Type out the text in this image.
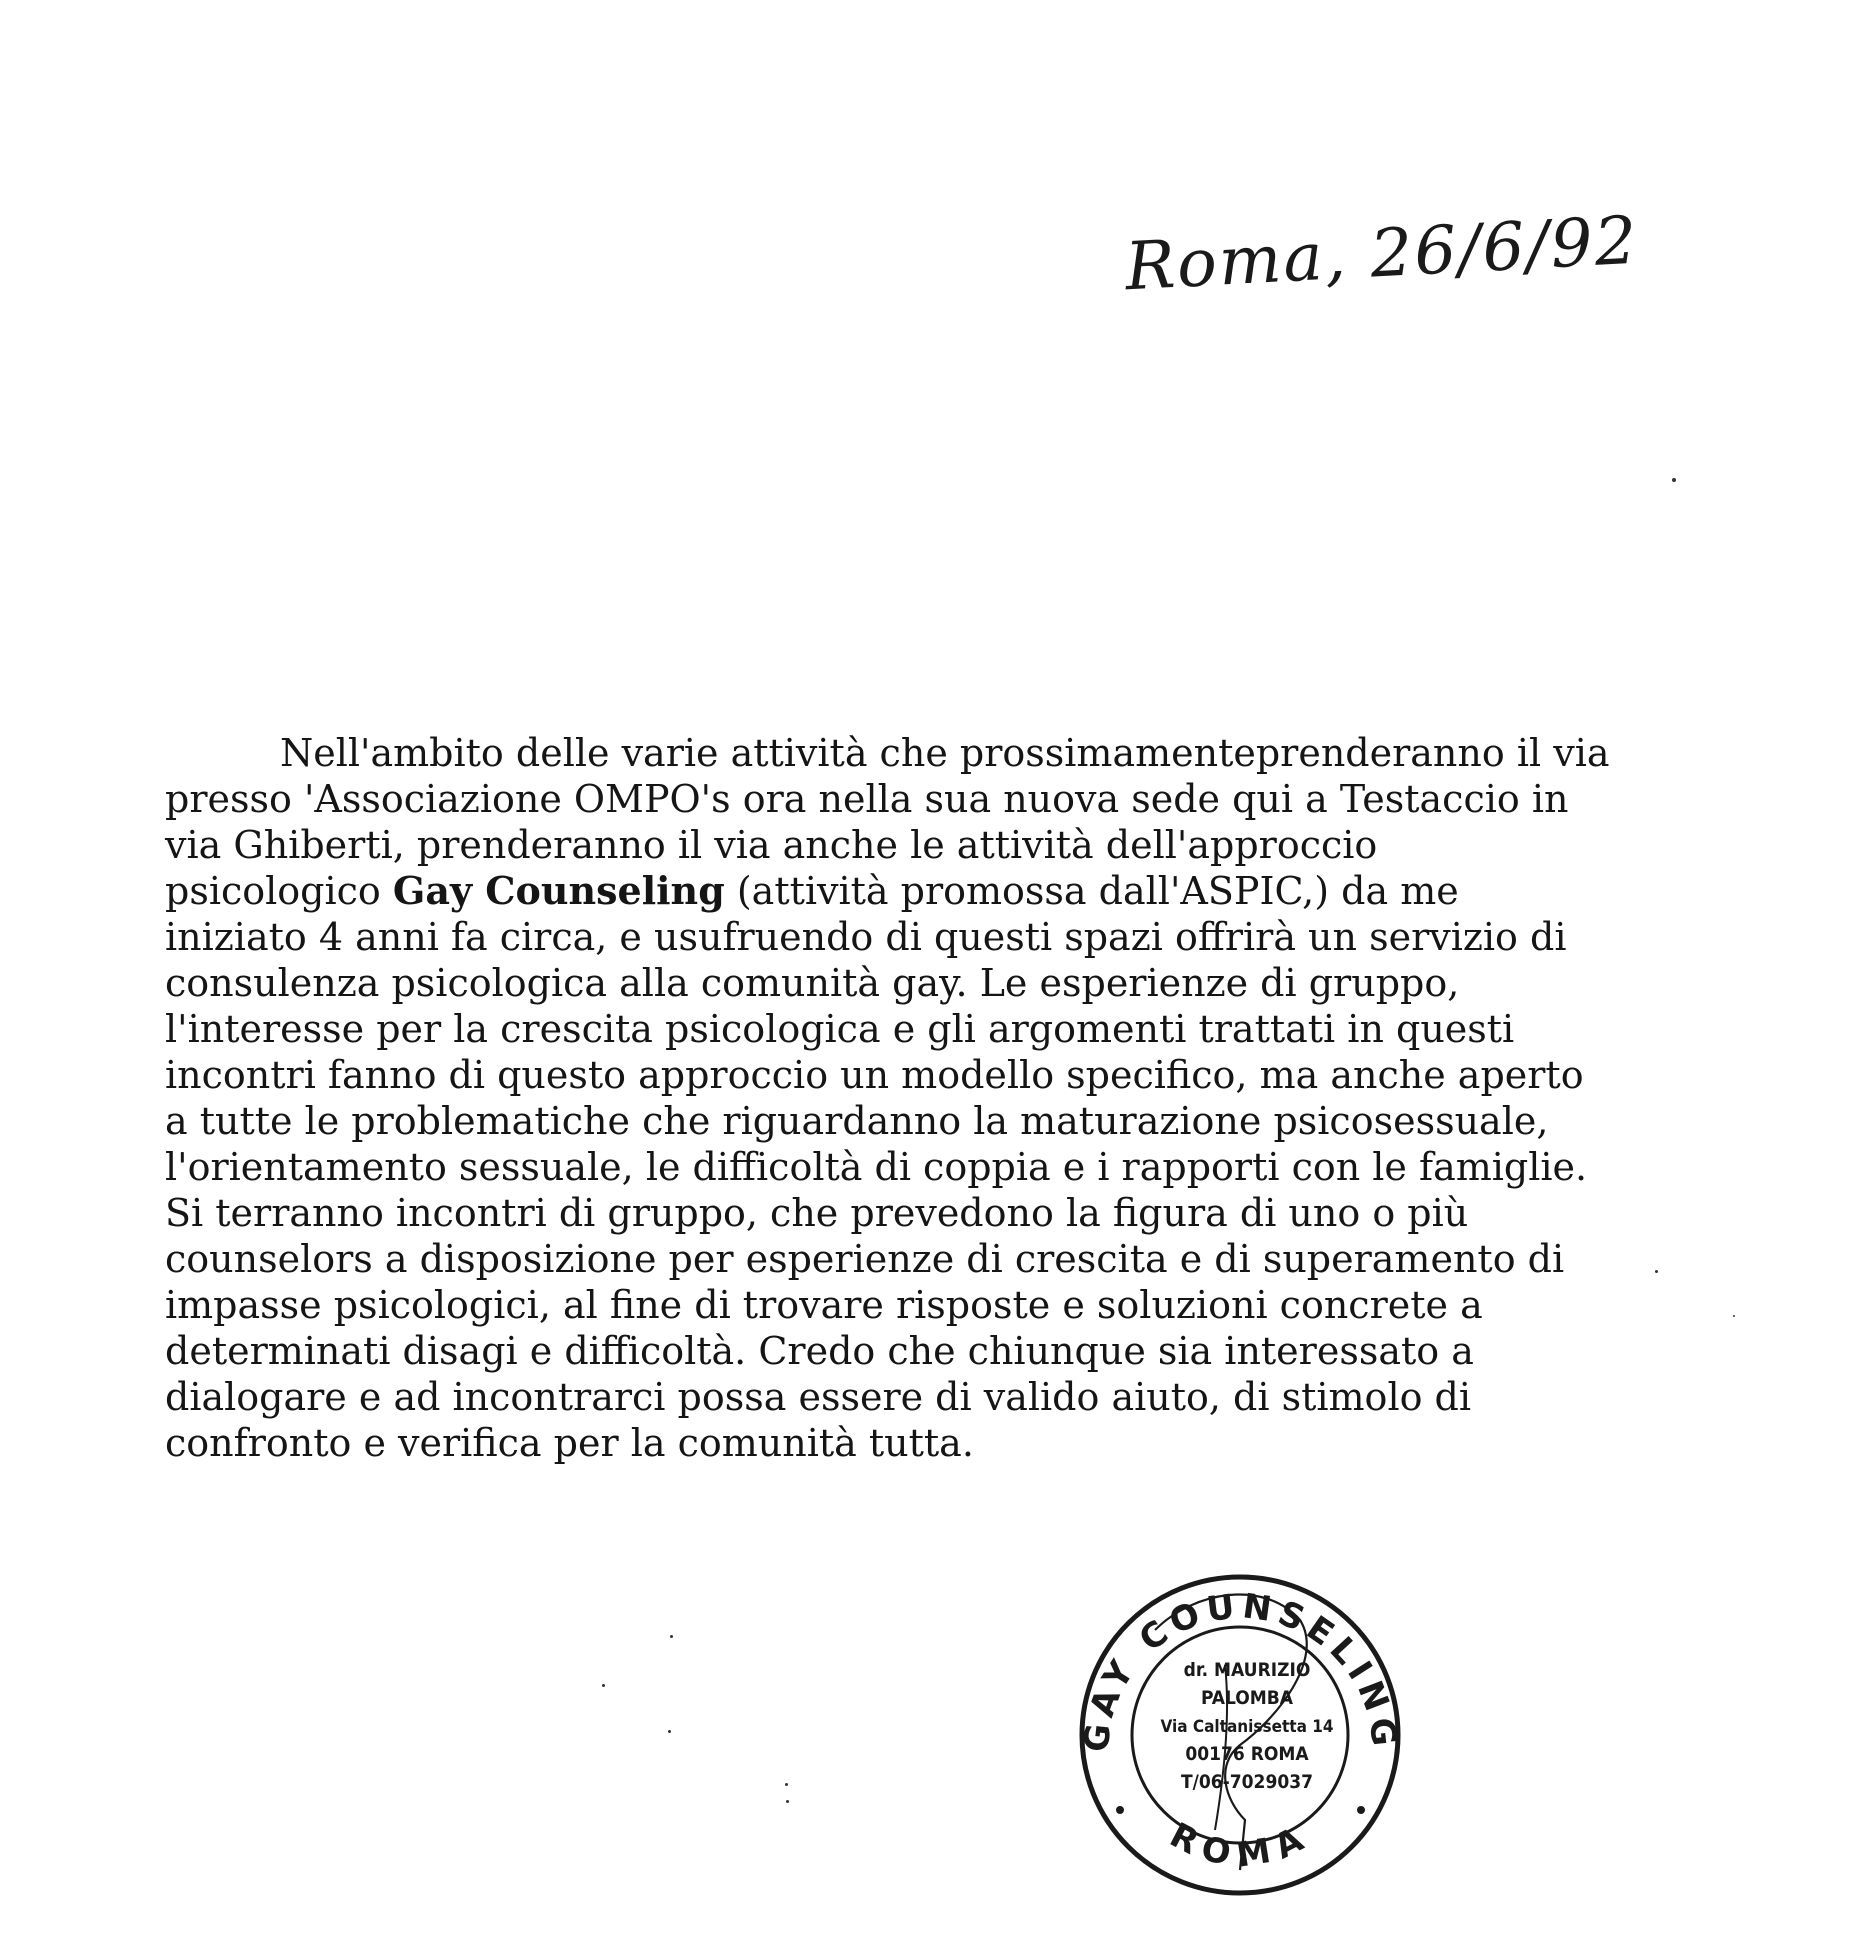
Roma, 26/6/92
Nell'ambito delle varie attività che prossimamenteprenderanno il via
presso 'Associazione OMPO's ora nella sua nuova sede qui a Testaccio in
via Ghiberti, prenderanno il via anche le attività dell'approccio
psicologico Gay Counseling (attività promossa dall'ASPIC,) da me
iniziato 4 anni fa circa, e usufruendo di questi spazi offrirà un servizio di
consulenza psicologica alla comunità gay. Le esperienze di gruppo,
l'interesse per la crescita psicologica e gli argomenti trattati in questi
incontri fanno di questo approccio un modello specifico, ma anche aperto
a tutte le problematiche che riguardanno la maturazione psicosessuale,
l'orientamento sessuale, le difficoltà di coppia e i rapporti con le famiglie.
Si terranno incontri di gruppo, che prevedono la figura di uno o più
counselors a disposizione per esperienze di crescita e di superamento di
impasse psicologici, al fine di trovare risposte e soluzioni concrete a
determinati disagi e difficoltà. Credo che chiunque sia interessato a
dialogare e ad incontrarci possa essere di valido aiuto, di stimolo di
confronto e verifica per la comunità tutta.
GAY COUNSELING
ROMA
dr. MAURIZIO
PALOMBA
Via Caltanissetta 14
00176 ROMA
T/06-7029037
